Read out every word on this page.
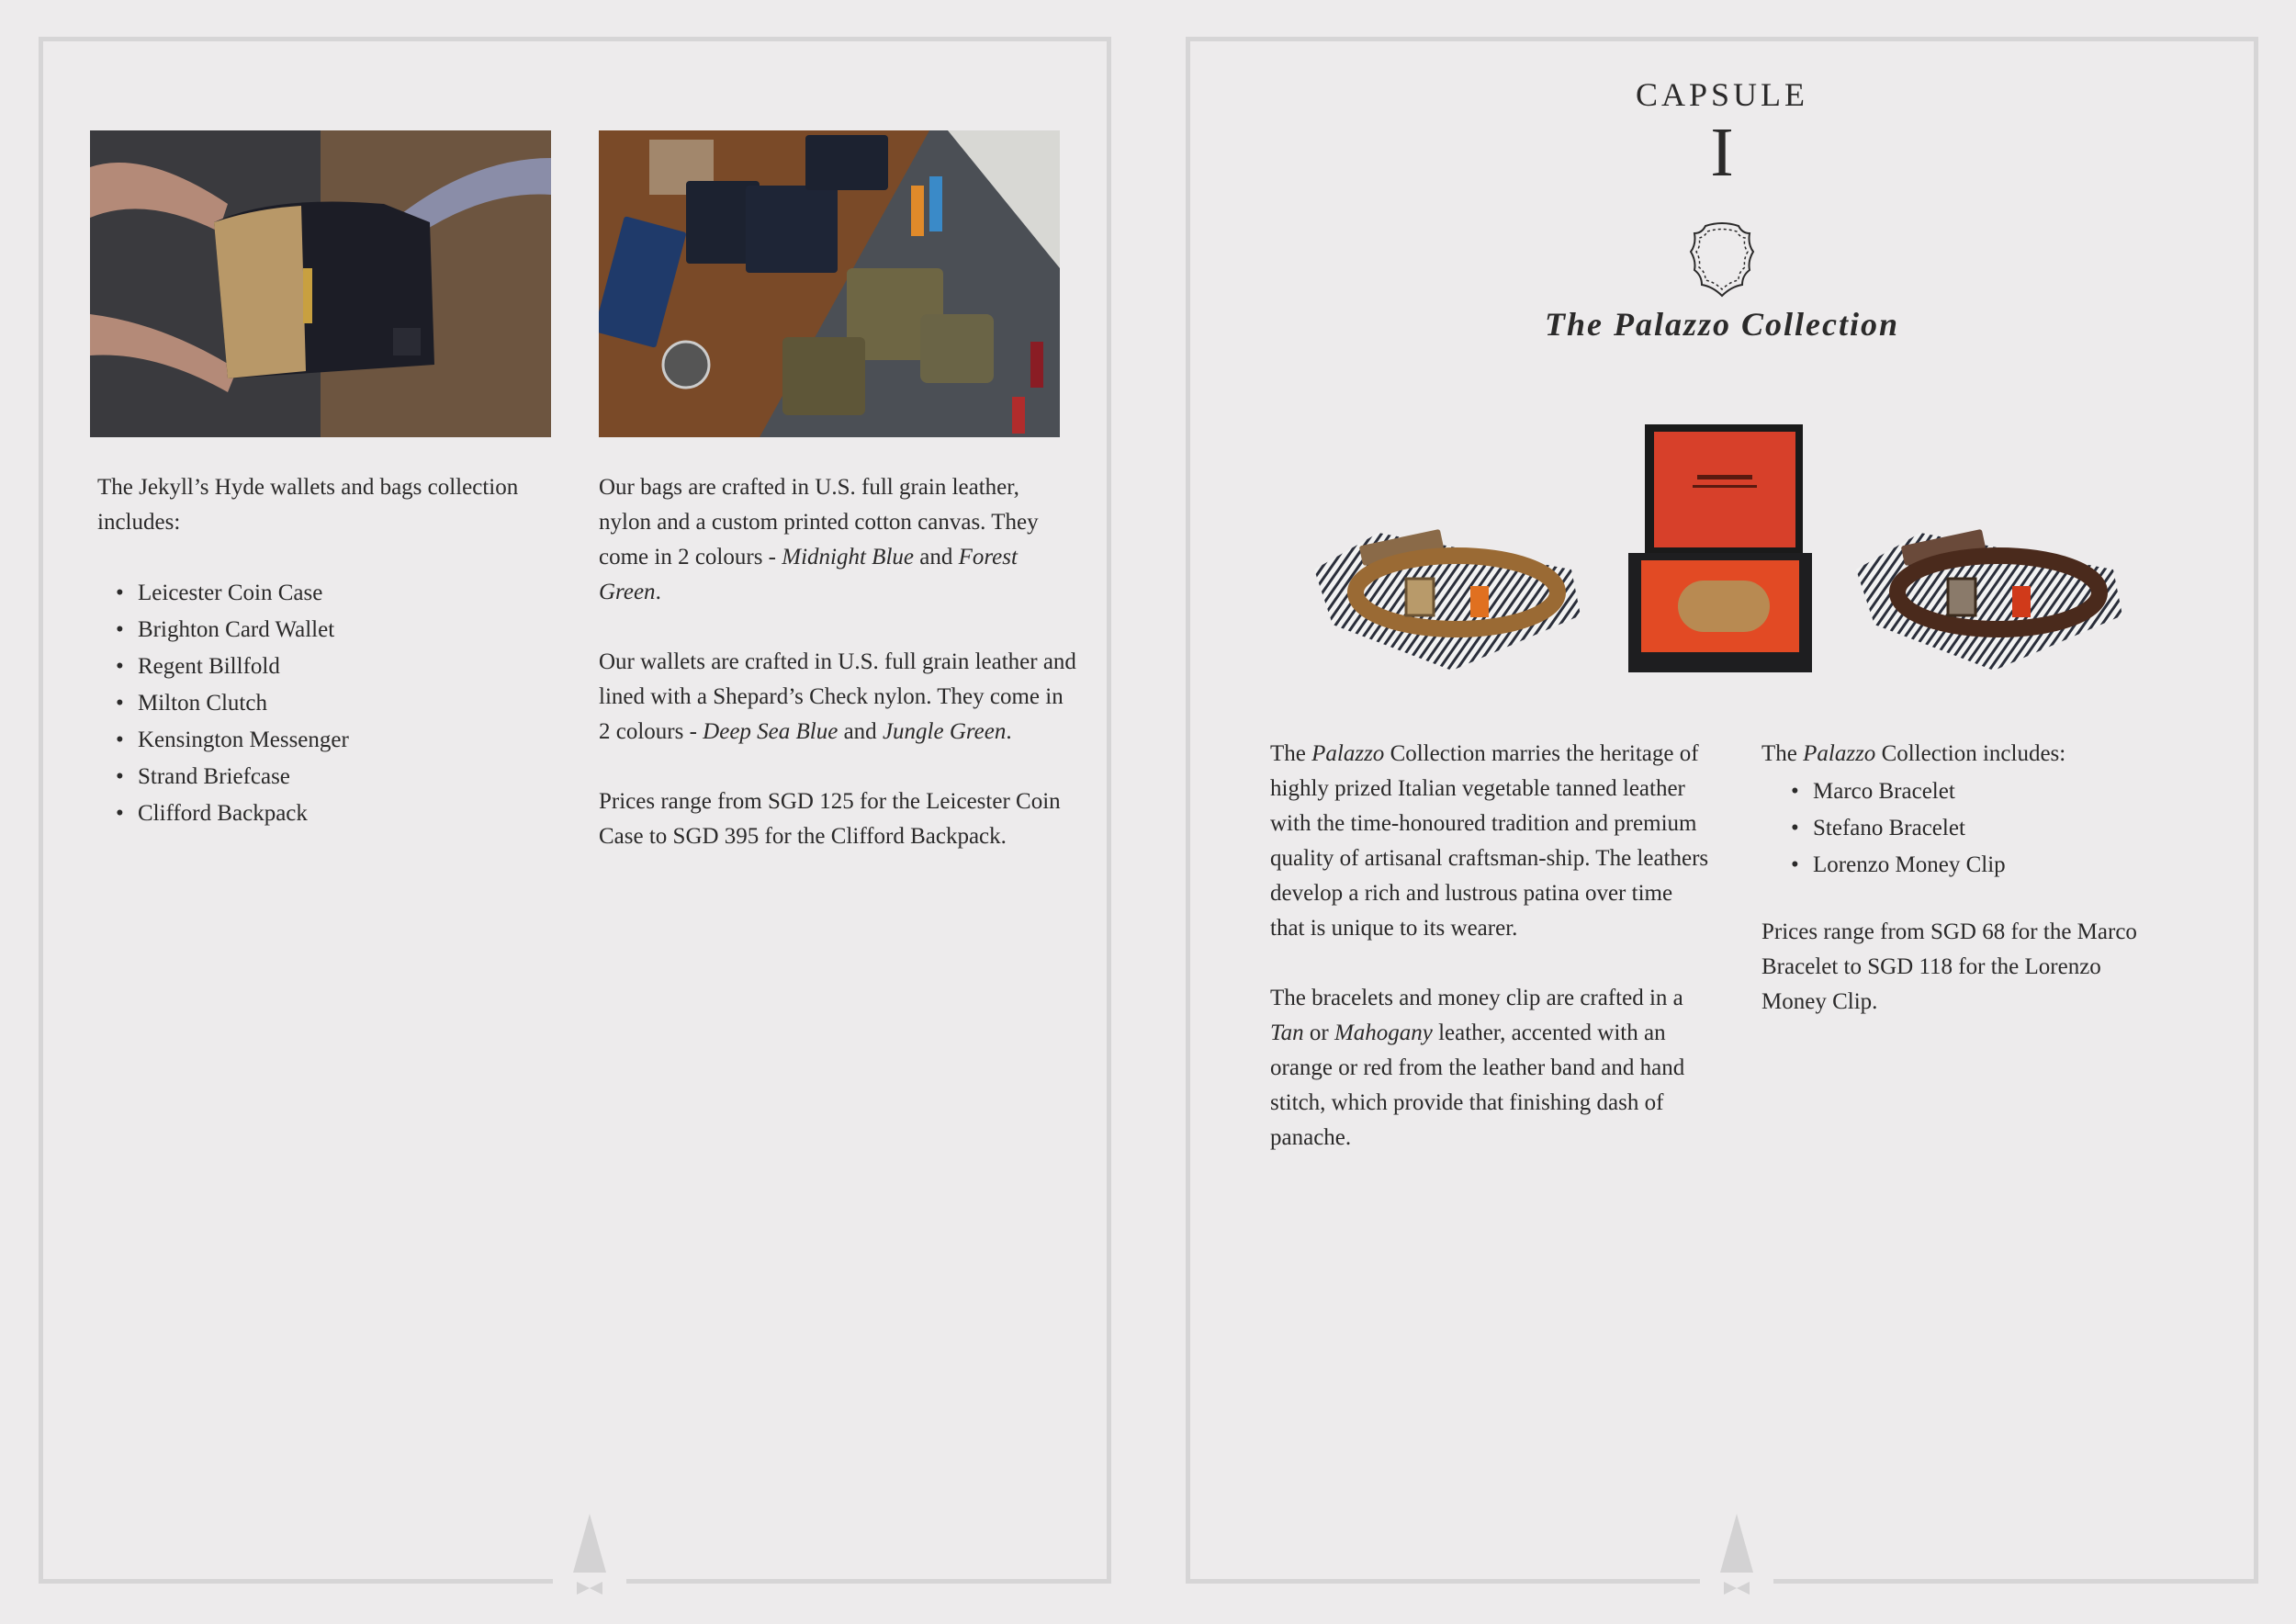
The Jekyll’s Hyde wallets and bags collection includes:

• Leicester Coin Case
• Brighton Card Wallet
• Regent Billfold
• Milton Clutch
• Kensington Messenger
• Strand Briefcase
• Clifford Backpack

Our bags are crafted in U.S. full grain leather, nylon and a custom printed cotton canvas. They come in 2 colours - Midnight Blue and Forest Green.

Our wallets are crafted in U.S. full grain leather and lined with a Shepard’s Check nylon. They come in 2 colours - Deep Sea Blue and Jungle Green.

Prices range from SGD 125 for the Leicester Coin Case to SGD 395 for the Clifford Backpack.

CAPSULE
I
The Palazzo Collection

The Palazzo Collection marries the heritage of highly prized Italian vegetable tanned leather with the time-honoured tradition and premium quality of artisanal craftsman-ship. The leathers develop a rich and lustrous patina over time that is unique to its wearer.

The bracelets and money clip are crafted in a Tan or Mahogany leather, accented with an orange or red from the leather band and hand stitch, which provide that finishing dash of panache.

The Palazzo Collection includes:

• Marco Bracelet
• Stefano Bracelet
• Lorenzo Money Clip

Prices range from SGD 68 for the Marco Bracelet to SGD 118 for the Lorenzo Money Clip.
